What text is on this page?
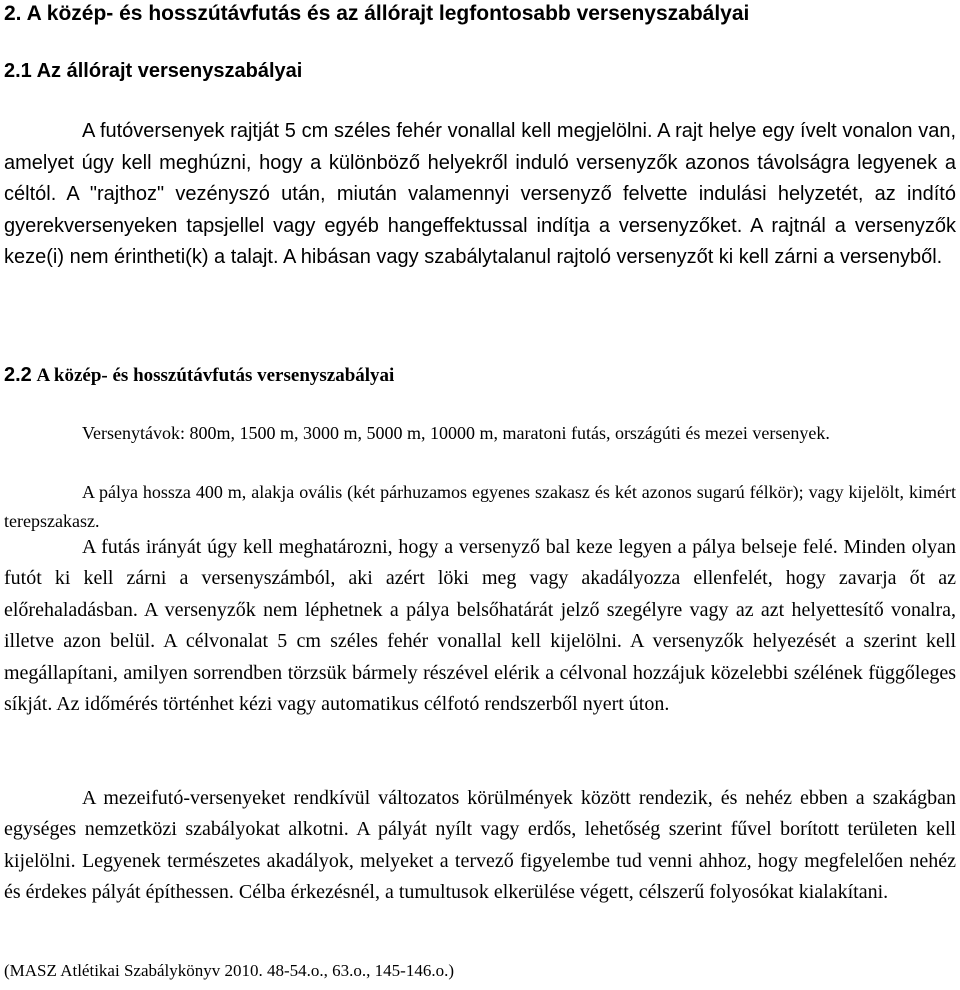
2. A közép- és hosszútávfutás és az állórajt legfontosabb versenyszabályai
2.1 Az állórajt versenyszabályai

A futóversenyek rajtját 5 cm széles fehér vonallal kell megjelölni. A rajt helye egy ívelt vonalon van, amelyet úgy kell meghúzni, hogy a különböző helyekről induló versenyzők azonos távolságra legyenek a céltól. A "rajthoz" vezényszó után, miután valamennyi versenyző felvette indulási helyzetét, az indító gyerekversenyeken tapsjellel vagy egyéb hangeffektussal indítja a versenyzőket. A rajtnál a versenyzők keze(i) nem érintheti(k) a talajt. A hibásan vagy szabálytalanul rajtoló versenyzőt ki kell zárni a versenyből.

2.2 A közép- és hosszútávfutás versenyszabályai

Versenytávok: 800m, 1500 m, 3000 m, 5000 m, 10000 m, maratoni futás, országúti és mezei versenyek.

A pálya hossza 400 m, alakja ovális (két párhuzamos egyenes szakasz és két azonos sugarú félkör); vagy kijelölt, kimért terepszakasz.

A futás irányát úgy kell meghatározni, hogy a versenyző bal keze legyen a pálya belseje felé. Minden olyan futót ki kell zárni a versenyszámból, aki azért löki meg vagy akadályozza ellenfelét, hogy zavarja őt az előrehaladásban. A versenyzők nem léphetnek a pálya belsőhatárát jelző szegélyre vagy az azt helyettesítő vonalra, illetve azon belül. A célvonalat 5 cm széles fehér vonallal kell kijelölni. A versenyzők helyezését a szerint kell megállapítani, amilyen sorrendben törzsük bármely részével elérik a célvonal hozzájuk közelebbi szélének függőleges síkját. Az időmérés történhet kézi vagy automatikus célfotó rendszerből nyert úton.

A mezeifutó-versenyeket rendkívül változatos körülmények között rendezik, és nehéz ebben a szakágban egységes nemzetközi szabályokat alkotni. A pályát nyílt vagy erdős, lehetőség szerint fűvel borított területen kell kijelölni. Legyenek természetes akadályok, melyeket a tervező figyelembe tud venni ahhoz, hogy megfelelően nehéz és érdekes pályát építhessen. Célba érkezésnél, a tumultusok elkerülése végett, célszerű folyosókat kialakítani.

(MASZ Atlétikai Szabálykönyv 2010. 48-54.o., 63.o., 145-146.o.)
